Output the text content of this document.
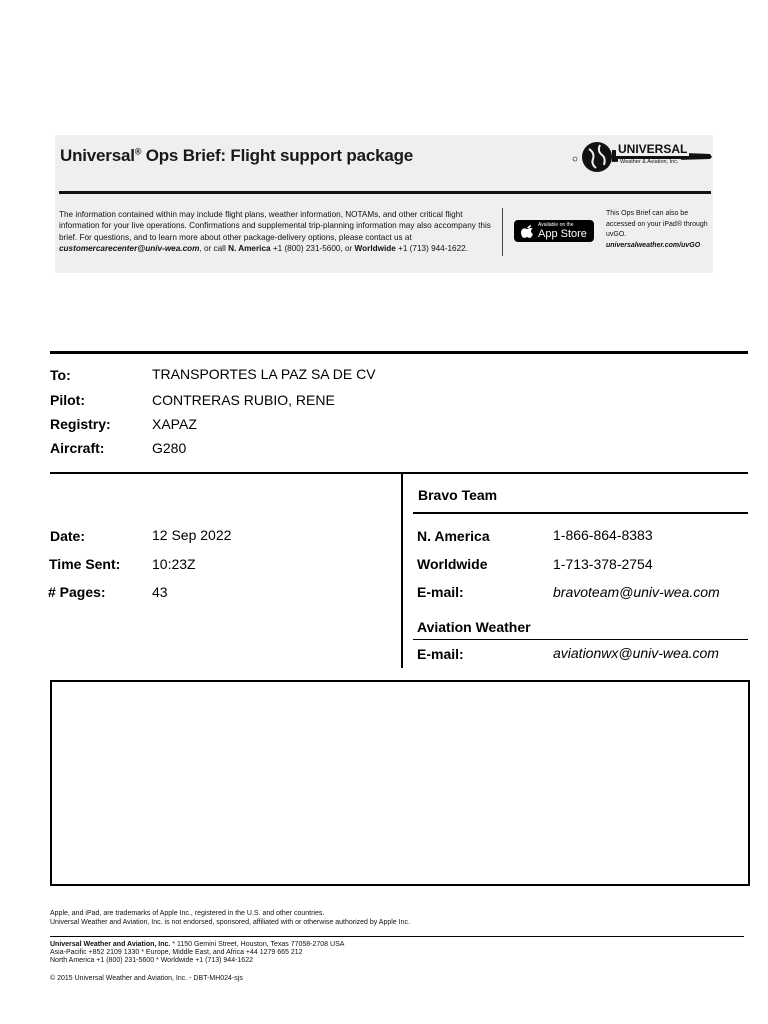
Universal® Ops Brief: Flight support package	UNIVERSAL
Weather & Aviation, Inc.
The information contained within may include flight plans, weather information, NOTAMs, and other critical flight information for your live operations. Confirmations and supplemental trip-planning information may also accompany this brief. For questions, and to learn more about other package-delivery options, please contact us at customercarecenter@univ-wea.com, or call N. America +1 (800) 231-5600, or Worldwide +1 (713) 944-1622.
Available on the
App Store
This Ops Brief can also be accessed on your iPad® through uvGO.
universalweather.com/uvGO
To:	TRANSPORTES LA PAZ SA DE CV
Pilot:	CONTRERAS RUBIO, RENE
Registry:	XAPAZ
Aircraft:	G280
Date:	12 Sep 2022
Time Sent: 10:23Z
# Pages:	43
Bravo Team
N. America	1-866-864-8383
Worldwide	1-713-378-2754
E-mail:	bravoteam@univ-wea.com
Aviation Weather
E-mail:	aviationwx@univ-wea.com
Apple, and iPad, are trademarks of Apple Inc., registered in the U.S. and other countries.
Universal Weather and Aviation, Inc. is not endorsed, sponsored, affiliated with or otherwise authorized by Apple Inc.
Universal Weather and Aviation, Inc. * 1150 Gemini Street, Houston, Texas 77058-2708 USA
Asia-Pacific +852 2109 1330 * Europe, Middle East, and Africa +44 1279 665 212
North America +1 (800) 231-5600 * Worldwide +1 (713) 944-1622
© 2015 Universal Weather and Aviation, Inc. - DBT-MH024-sjs
